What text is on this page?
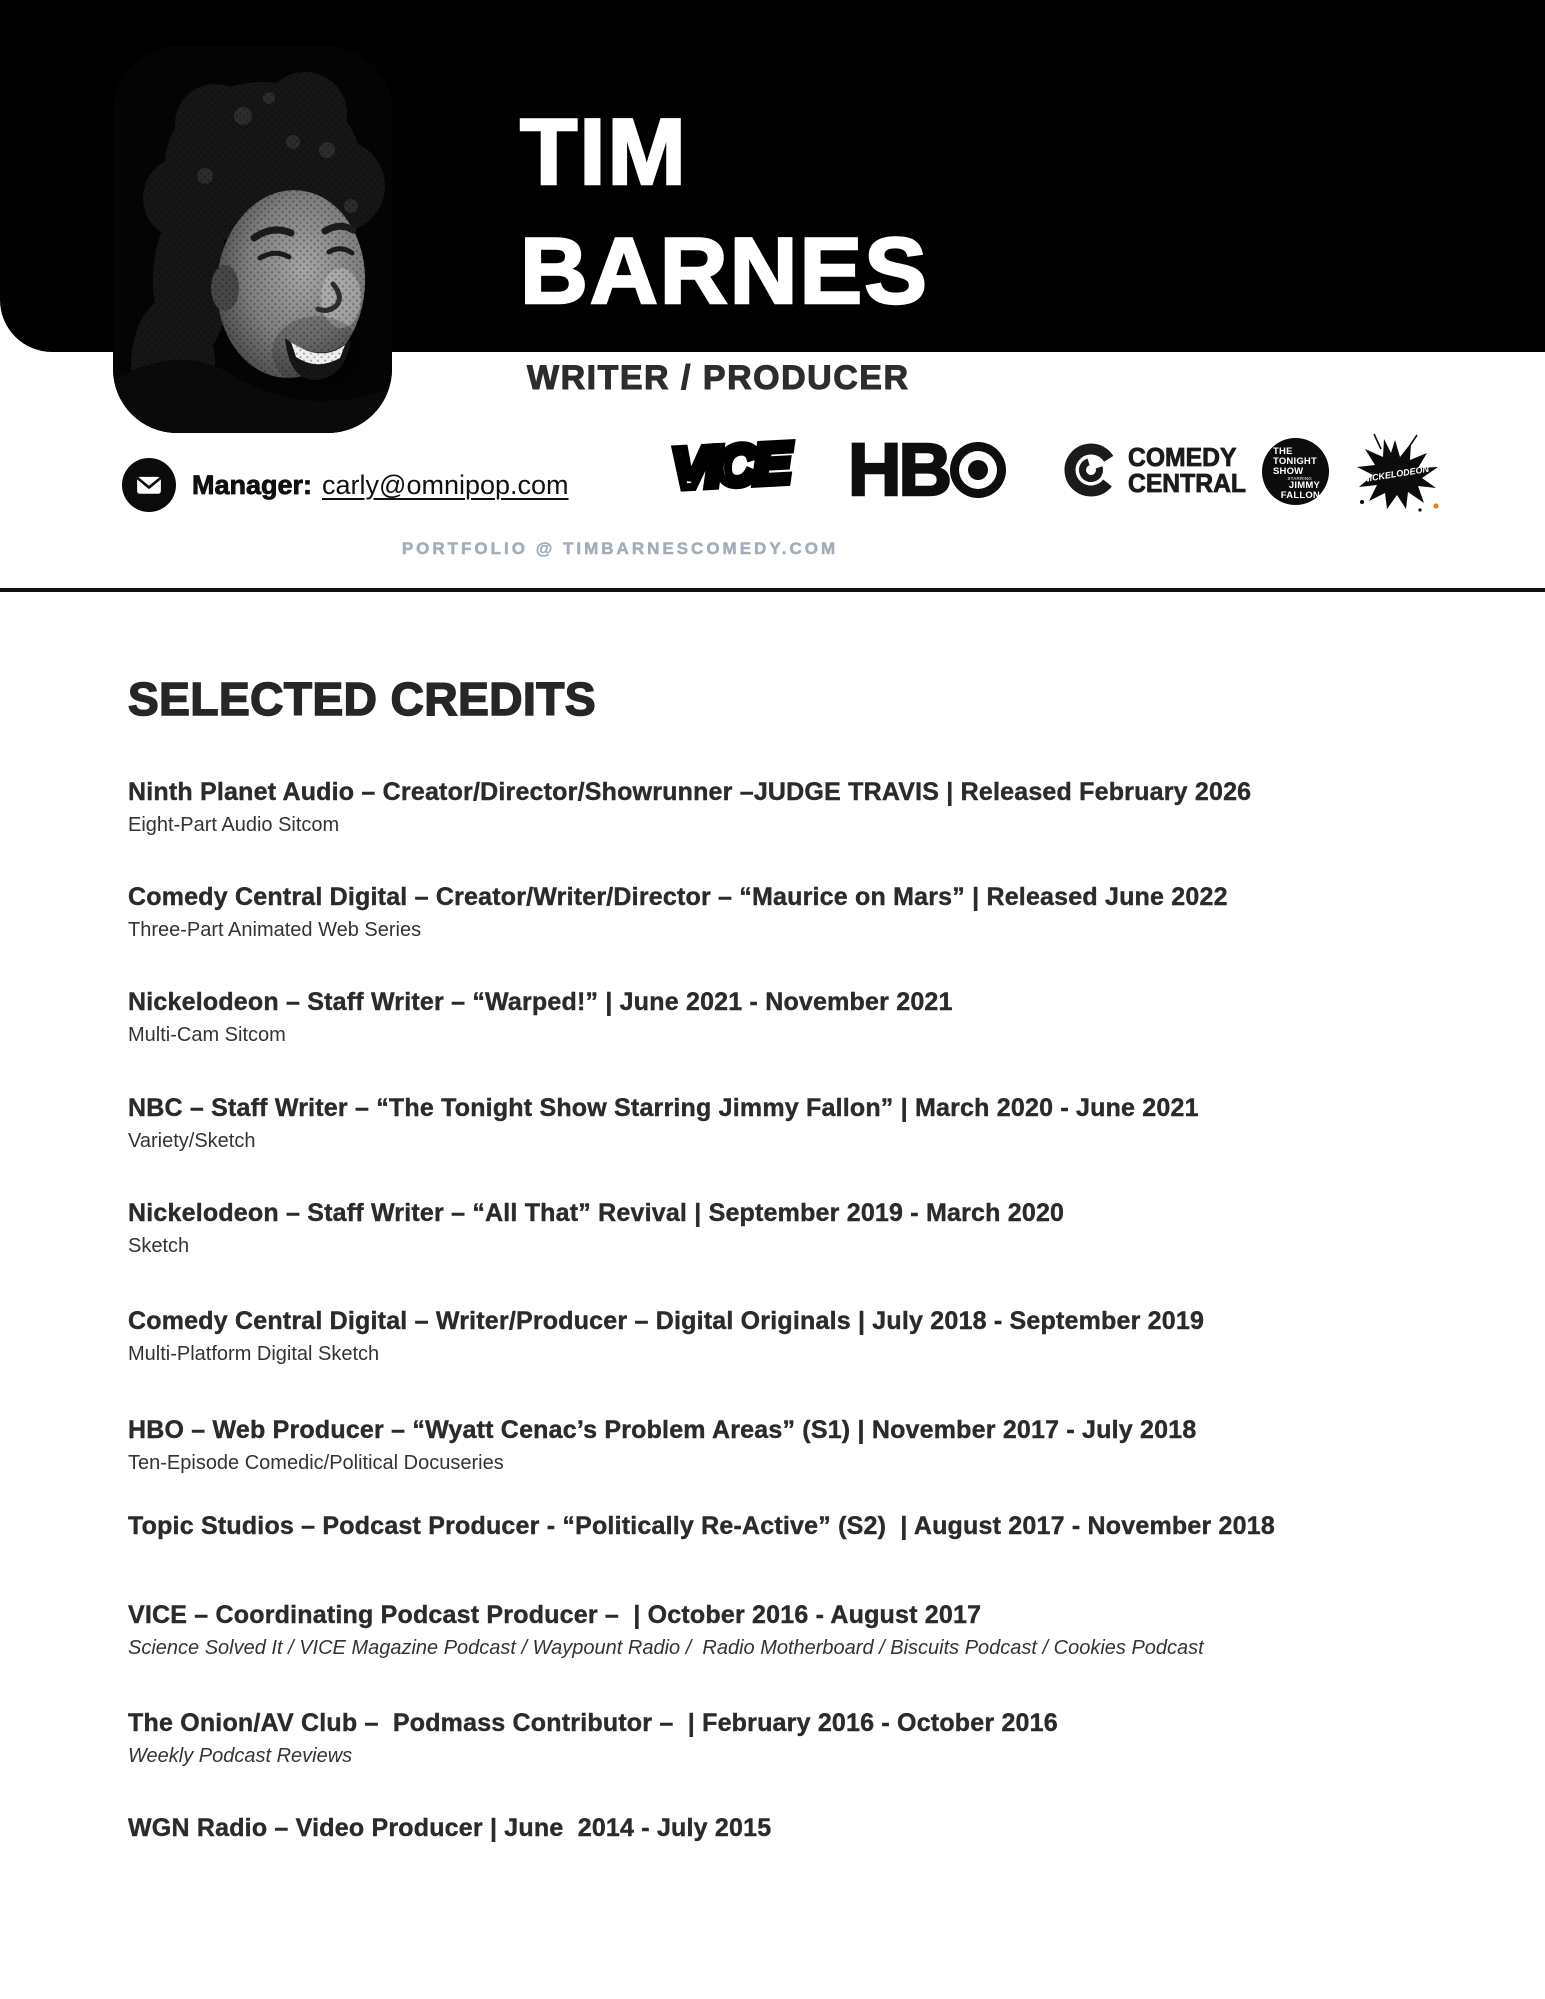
TIM
BARNES
WRITER / PRODUCER
Manager: carly@omnipop.com VICE HB	COMEDY
CENTRAL
THE
TONIGHT
SHOW
STARRING
JIMMY
FALLON
NICKELODEON
PORTFOLIO @ TIMBARNESCOMEDY.COM
SELECTED CREDITS
Ninth Planet Audio – Creator/Director/Showrunner –JUDGE TRAVIS | Released February 2026
Eight-Part Audio Sitcom
Comedy Central Digital – Creator/Writer/Director – “Maurice on Mars” | Released June 2022
Three-Part Animated Web Series
Nickelodeon – Staff Writer – “Warped!” | June 2021 - November 2021
Multi-Cam Sitcom
NBC – Staff Writer – “The Tonight Show Starring Jimmy Fallon” | March 2020 - June 2021
Variety/Sketch
Nickelodeon – Staff Writer – “All That” Revival | September 2019 - March 2020
Sketch
Comedy Central Digital – Writer/Producer – Digital Originals | July 2018 - September 2019
Multi-Platform Digital Sketch
HBO – Web Producer – “Wyatt Cenac’s Problem Areas” (S1) | November 2017 - July 2018
Ten-Episode Comedic/Political Docuseries
Topic Studios – Podcast Producer - “Politically Re-Active” (S2)  | August 2017 - November 2018
VICE – Coordinating Podcast Producer –  | October 2016 - August 2017
Science Solved It / VICE Magazine Podcast / Waypount Radio /  Radio Motherboard / Biscuits Podcast / Cookies Podcast
The Onion/AV Club –  Podmass Contributor –  | February 2016 - October 2016
Weekly Podcast Reviews
WGN Radio – Video Producer | June  2014 - July 2015
